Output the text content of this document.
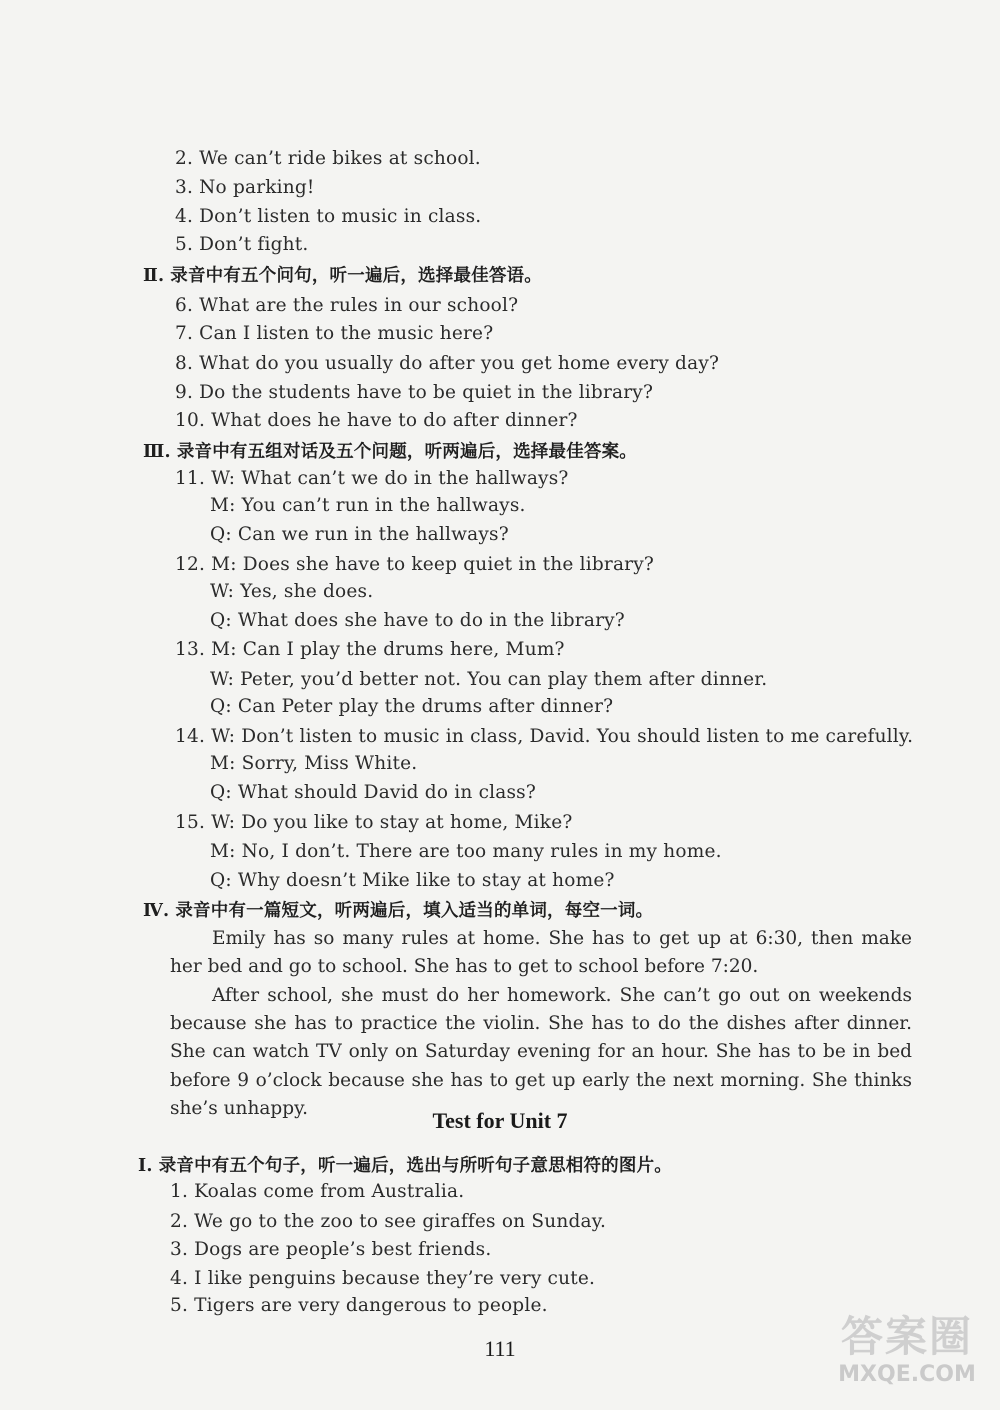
2. We can’t ride bikes at school.
3. No parking!
4. Don’t listen to music in class.
5. Don’t fight.
Ⅱ. 录音中有五个问句，听一遍后，选择最佳答语。
6. What are the rules in our school?
7. Can I listen to the music here?
8. What do you usually do after you get home every day?
9. Do the students have to be quiet in the library?
10. What does he have to do after dinner?
Ⅲ. 录音中有五组对话及五个问题，听两遍后，选择最佳答案。
11. W: What can’t we do in the hallways?
M: You can’t run in the hallways.
Q: Can we run in the hallways?
12. M: Does she have to keep quiet in the library?
W: Yes, she does.
Q: What does she have to do in the library?
13. M: Can I play the drums here, Mum?
W: Peter, you’d better not. You can play them after dinner.
Q: Can Peter play the drums after dinner?
14. W: Don’t listen to music in class, David. You should listen to me carefully.
M: Sorry, Miss White.
Q: What should David do in class?
15. W: Do you like to stay at home, Mike?
M: No, I don’t. There are too many rules in my home.
Q: Why doesn’t Mike like to stay at home?
Ⅳ. 录音中有一篇短文，听两遍后，填入适当的单词，每空一词。
Emily has so many rules at home. She has to get up at 6:30, then make her bed and go to school. She has to get to school before 7:20.
After school, she must do her homework. She can’t go out on weekends because she has to practice the violin. She has to do the dishes after dinner. She can watch TV only on Saturday evening for an hour. She has to be in bed before 9 o’clock because she has to get up early the next morning. She thinks she’s unhappy.	Test for Unit 7
Ⅰ. 录音中有五个句子，听一遍后，选出与所听句子意思相符的图片。
1. Koalas come from Australia.
2. We go to the zoo to see giraffes on Sunday.
3. Dogs are people’s best friends.
4. I like penguins because they’re very cute.
5. Tigers are very dangerous to people.
111	答案圈
MXQE.COM
